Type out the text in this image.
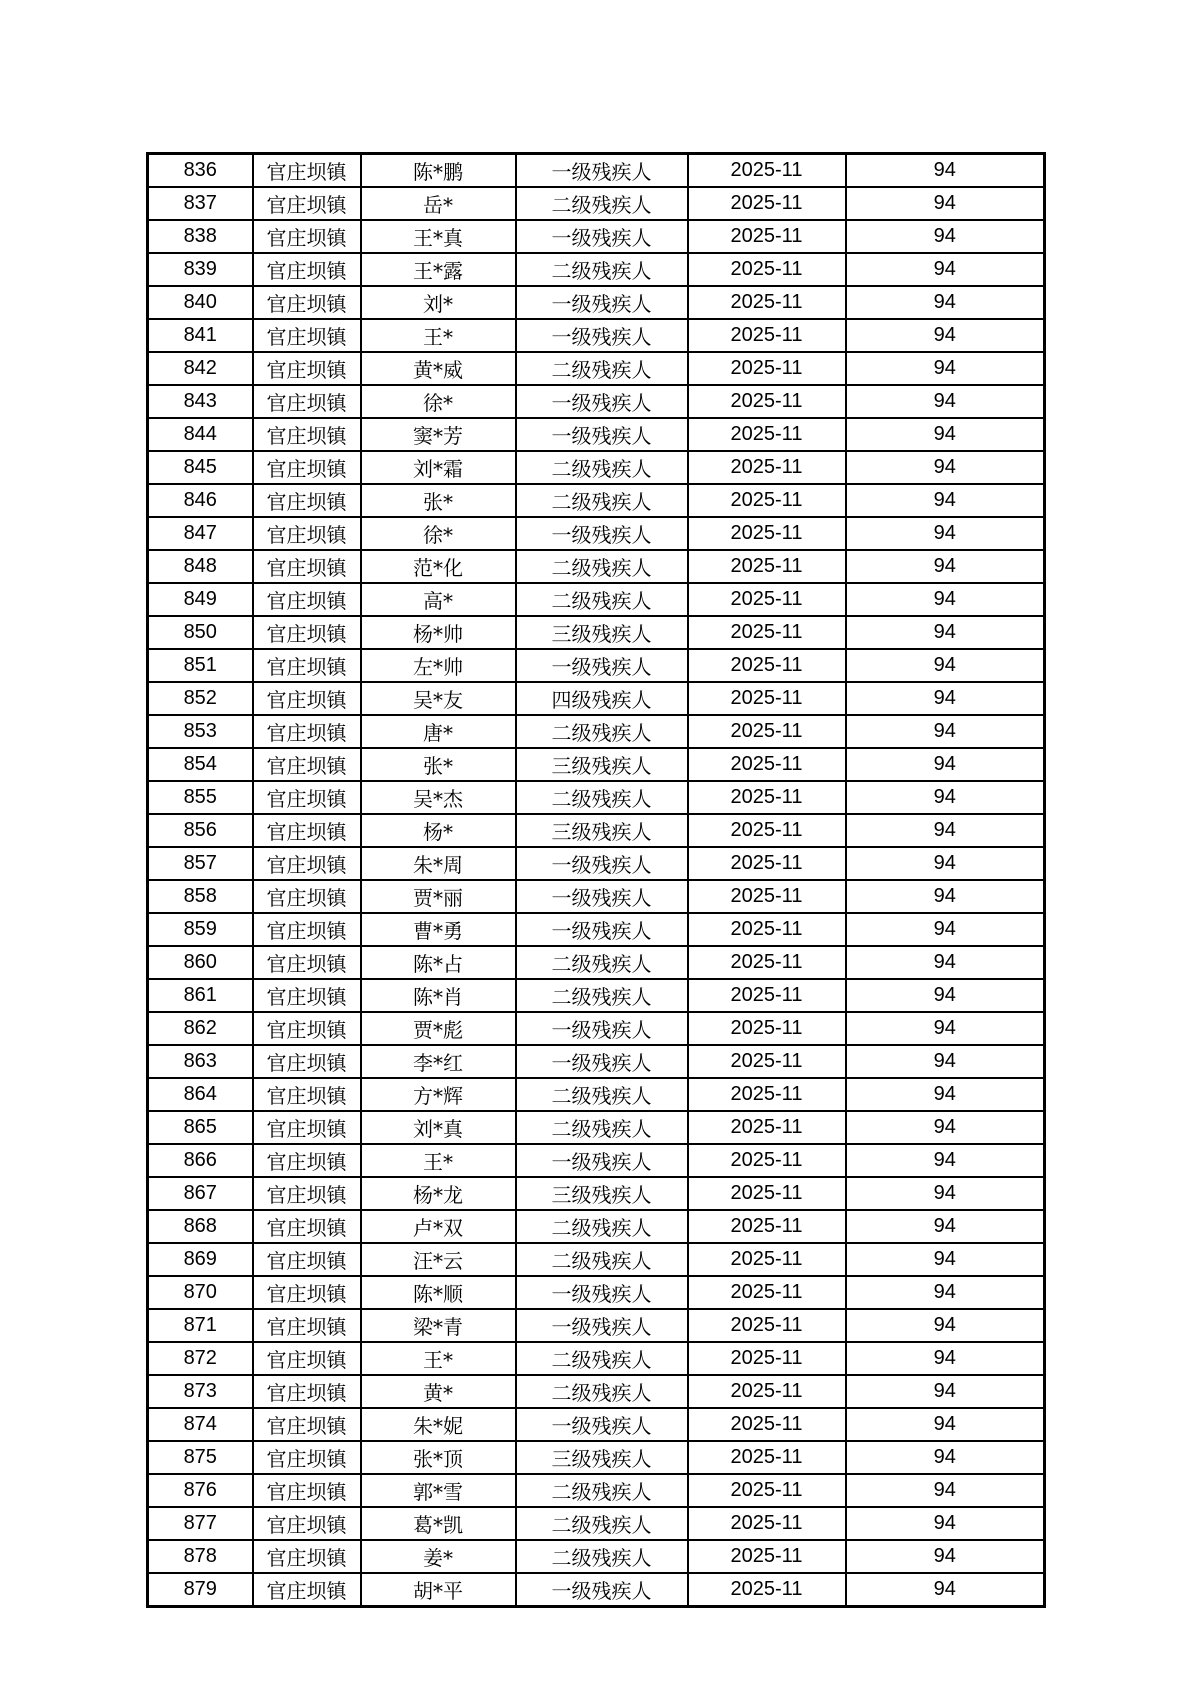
836	官庄坝镇	陈*鹏	一级残疾人	2025-11	94
837	官庄坝镇	岳*	二级残疾人	2025-11	94
838	官庄坝镇	王*真	一级残疾人	2025-11	94
839	官庄坝镇	王*露	二级残疾人	2025-11	94
840	官庄坝镇	刘*	一级残疾人	2025-11	94
841	官庄坝镇	王*	一级残疾人	2025-11	94
842	官庄坝镇	黄*威	二级残疾人	2025-11	94
843	官庄坝镇	徐*	一级残疾人	2025-11	94
844	官庄坝镇	窦*芳	一级残疾人	2025-11	94
845	官庄坝镇	刘*霜	二级残疾人	2025-11	94
846	官庄坝镇	张*	二级残疾人	2025-11	94
847	官庄坝镇	徐*	一级残疾人	2025-11	94
848	官庄坝镇	范*化	二级残疾人	2025-11	94
849	官庄坝镇	高*	二级残疾人	2025-11	94
850	官庄坝镇	杨*帅	三级残疾人	2025-11	94
851	官庄坝镇	左*帅	一级残疾人	2025-11	94
852	官庄坝镇	吴*友	四级残疾人	2025-11	94
853	官庄坝镇	唐*	二级残疾人	2025-11	94
854	官庄坝镇	张*	三级残疾人	2025-11	94
855	官庄坝镇	吴*杰	二级残疾人	2025-11	94
856	官庄坝镇	杨*	三级残疾人	2025-11	94
857	官庄坝镇	朱*周	一级残疾人	2025-11	94
858	官庄坝镇	贾*丽	一级残疾人	2025-11	94
859	官庄坝镇	曹*勇	一级残疾人	2025-11	94
860	官庄坝镇	陈*占	二级残疾人	2025-11	94
861	官庄坝镇	陈*肖	二级残疾人	2025-11	94
862	官庄坝镇	贾*彪	一级残疾人	2025-11	94
863	官庄坝镇	李*红	一级残疾人	2025-11	94
864	官庄坝镇	方*辉	二级残疾人	2025-11	94
865	官庄坝镇	刘*真	二级残疾人	2025-11	94
866	官庄坝镇	王*	一级残疾人	2025-11	94
867	官庄坝镇	杨*龙	三级残疾人	2025-11	94
868	官庄坝镇	卢*双	二级残疾人	2025-11	94
869	官庄坝镇	汪*云	二级残疾人	2025-11	94
870	官庄坝镇	陈*顺	一级残疾人	2025-11	94
871	官庄坝镇	梁*青	一级残疾人	2025-11	94
872	官庄坝镇	王*	二级残疾人	2025-11	94
873	官庄坝镇	黄*	二级残疾人	2025-11	94
874	官庄坝镇	朱*妮	一级残疾人	2025-11	94
875	官庄坝镇	张*顶	三级残疾人	2025-11	94
876	官庄坝镇	郭*雪	二级残疾人	2025-11	94
877	官庄坝镇	葛*凯	二级残疾人	2025-11	94
878	官庄坝镇	姜*	二级残疾人	2025-11	94
879	官庄坝镇	胡*平	一级残疾人	2025-11	94
